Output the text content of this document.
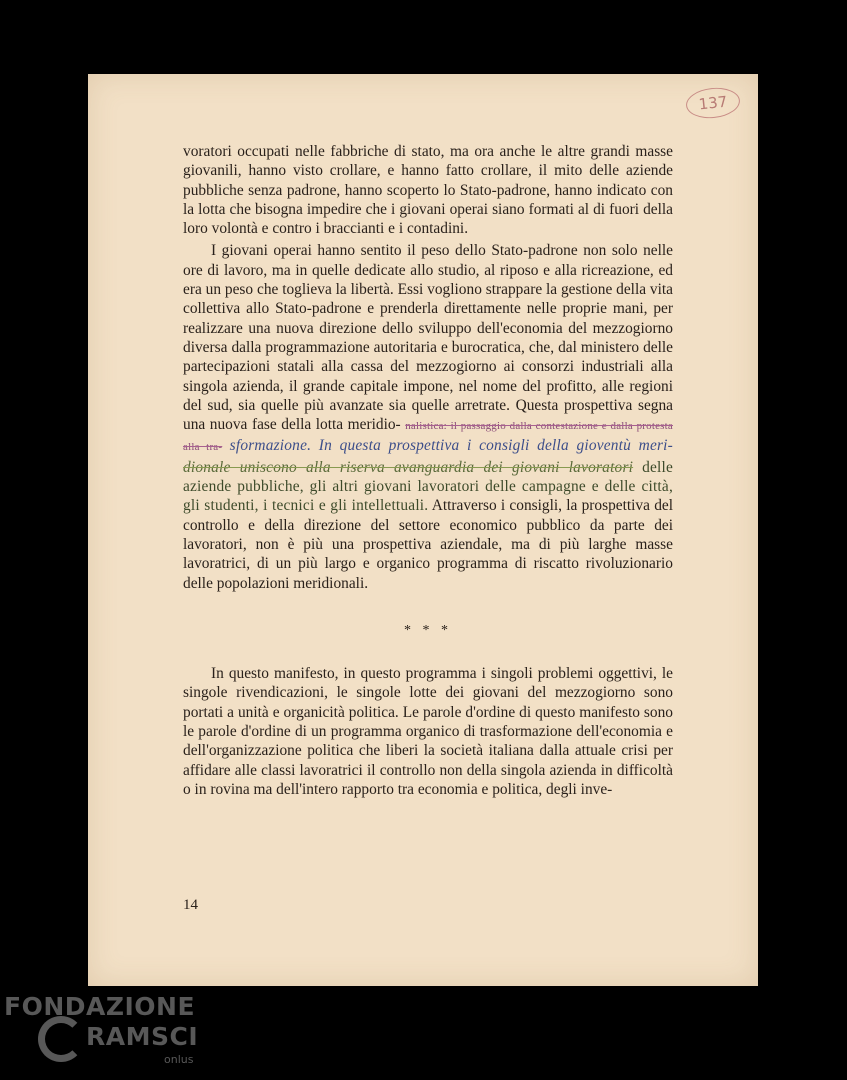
137

voratori occupati nelle fabbriche di stato, ma ora anche le altre grandi masse giovanili, hanno visto crollare, e hanno fatto crollare, il mito delle aziende pubbliche senza padrone, hanno scoperto lo Stato-padrone, hanno indicato con la lotta che bisogna impedire che i giovani operai siano formati al di fuori della loro volontà e contro i braccianti e i contadini.

I giovani operai hanno sentito il peso dello Stato-padrone non solo nelle ore di lavoro, ma in quelle dedicate allo studio, al riposo e alla ricreazione, ed era un peso che toglieva la libertà. Essi vogliono strappare la gestione della vita collettiva allo Stato-padrone e prenderla direttamente nelle proprie mani, per realizzare una nuova direzione dello sviluppo dell'economia del mezzogiorno diversa dalla programmazione autoritaria e burocratica, che, dal ministero delle partecipazioni statali alla cassa del mezzogiorno ai consorzi industriali alla singola azienda, il grande capitale impone, nel nome del profitto, alle regioni del sud, sia quelle più avanzate sia quelle arretrate. Questa prospettiva segna una nuova fase della lotta meridio- nalistica: il passaggio dalla contestazione e dalla protesta alla tra- sformazione. In questa prospettiva i consigli della gioventù meri- dionale uniscono alla riserva avanguardia dei giovani lavoratori delle aziende pubbliche, gli altri giovani lavoratori delle campagne e delle città, gli studenti, i tecnici e gli intellettuali. Attraverso i consigli, la prospettiva del controllo e della direzione del settore economico pubblico da parte dei lavoratori, non è più una prospettiva aziendale, ma di più larghe masse lavoratrici, di un più largo e organico programma di riscatto rivoluzionario delle popolazioni meridionali.

* * *

In questo manifesto, in questo programma i singoli problemi oggettivi, le singole rivendicazioni, le singole lotte dei giovani del mezzogiorno sono portati a unità e organicità politica. Le parole d'ordine di questo manifesto sono le parole d'ordine di un programma organico di trasformazione dell'economia e dell'organizzazione politica che liberi la società italiana dalla attuale crisi per affidare alle classi lavoratrici il controllo non della singola azienda in difficoltà o in rovina ma dell'intero rapporto tra economia e politica, degli inve-

14
FONDAZIONE
RAMSCI
onlus
